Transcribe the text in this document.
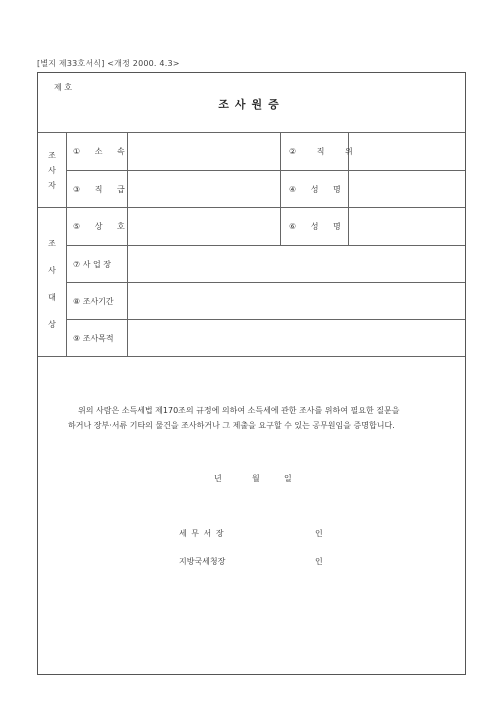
[별지 제33호서식] <개정 2000. 4.3>
제 호
조사원증
조
사
자
① 소 속	② 직 위
③ 직 급	④ 성 명
조
사
대
상
⑤ 상 호	⑥ 성 명
⑦ 사 업 장
⑧ 조사기간
⑨ 조사목적
위의 사람은 소득세법 제170조의 규정에 의하여 소득세에 관한 조사를 위하여 필요한 질문을
하거나 장부·서류 기타의 물건을 조사하거나 그 제출을 요구할 수 있는 공무원임을 증명합니다.
년	월	일
세 무 서 장	인
지방국세청장	인
